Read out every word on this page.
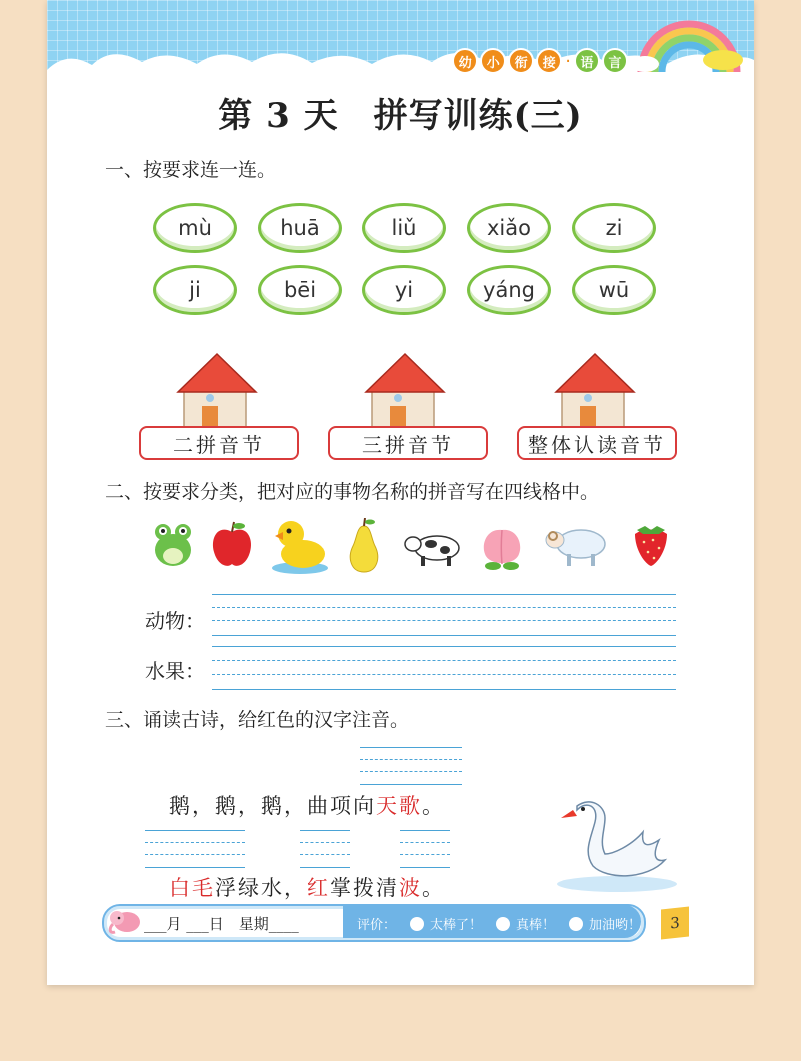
幼	小	衔	接 · 语	言
第 3 天　拼写训练(三)
一、按要求连一连。
mù	huā	liǔ	xiǎo	zi
ji	bēi	yi	yáng	wū
二拼音节	三拼音节	整体认读音节
二、按要求分类，把对应的事物名称的拼音写在四线格中。
动物：
水果：
三、诵读古诗，给红色的汉字注音。
鹅，鹅，鹅，曲项向天歌。
白毛浮绿水，红掌拨清波。
___月 ___日　星期____	评价：	太棒了！	真棒！	加油哟！	3
